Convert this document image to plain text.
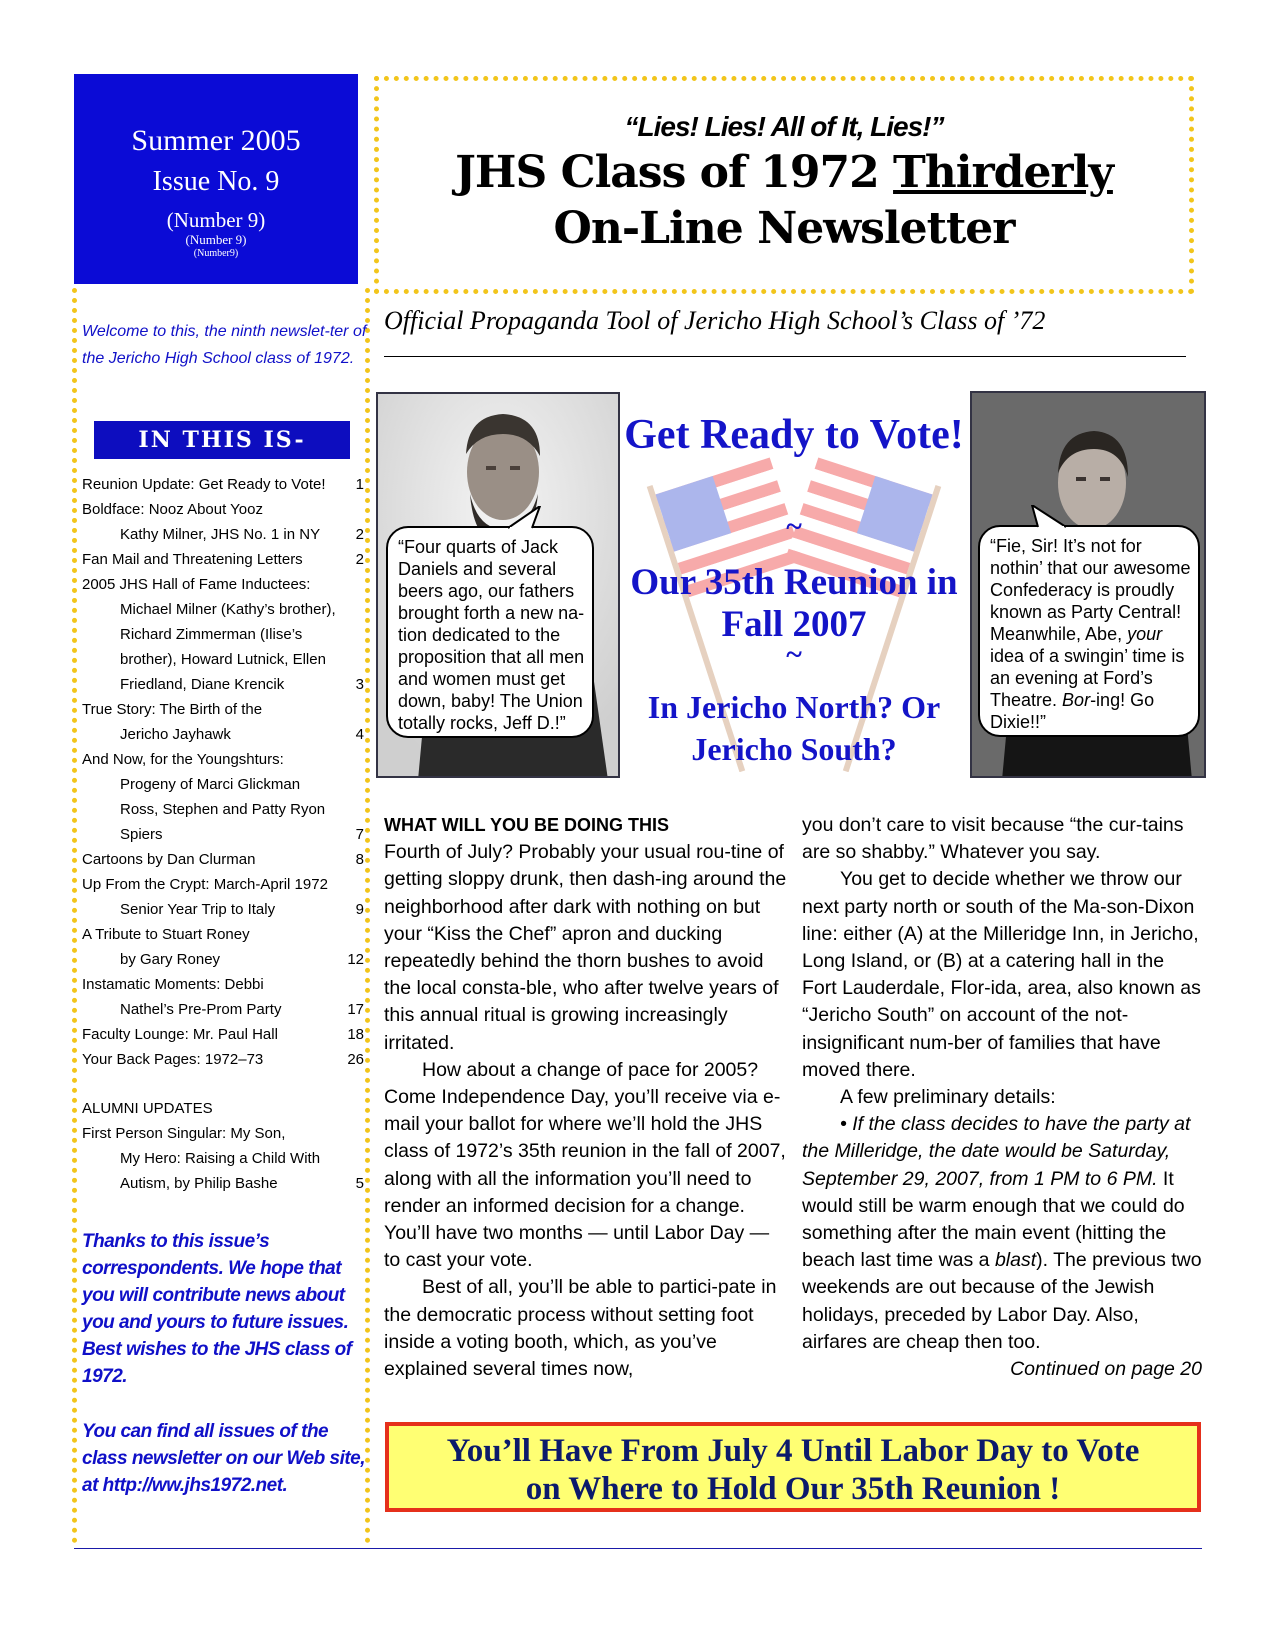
Summer 2005
Issue No. 9
(Number 9)
(Number 9)
(Number9)
“Lies! Lies! All of It, Lies!”
JHS Class of 1972 Thirderly
On-Line Newsletter
Official Propaganda Tool of Jericho High School’s Class of ’72
Welcome to this, the ninth newslet-ter of the Jericho High School class of 1972.
IN THIS IS-
Reunion Update: Get Ready to Vote! 1
Boldface: Nooz About Yooz
Kathy Milner, JHS No. 1 in NY 2
Fan Mail and Threatening Letters	2
2005 JHS Hall of Fame Inductees:
Michael Milner (Kathy’s brother),
Richard Zimmerman (Ilise’s
brother), Howard Lutnick, Ellen
Friedland, Diane Krencik	3
True Story: The Birth of the
Jericho Jayhawk	4
And Now, for the Youngshturs:
Progeny of Marci Glickman
Ross, Stephen and Patty Ryon
Spiers	7
Cartoons by Dan Clurman	8
Up From the Crypt: March-April 1972
Senior Year Trip to Italy	9
A Tribute to Stuart Roney
by Gary Roney	12
Instamatic Moments: Debbi
Nathel’s Pre-Prom Party	17
Faculty Lounge: Mr. Paul Hall	18
Your Back Pages: 1972–73	26
ALUMNI UPDATES
First Person Singular: My Son,
My Hero: Raising a Child With
Autism, by Philip Bashe	5
Thanks to this issue’s correspondents. We hope that you will contribute news about you and yours to future issues. Best wishes to the JHS class of 1972.
You can find all issues of the class newsletter on our Web site, at http://ww.jhs1972.net.
“Four quarts of Jack Daniels and several beers ago, our fathers brought forth a new na-tion dedicated to the proposition that all men and women must get down, baby! The Union totally rocks, Jeff D.!”
Get Ready to Vote!
~
Our 35th Reunion in Fall 2007
~
In Jericho North? Or Jericho South?
“Fie, Sir! It’s not for nothin’ that our awesome Confederacy is proudly known as Party Central! Meanwhile, Abe, your idea of a swingin’ time is an evening at Ford’s Theatre. Bor-ing! Go Dixie!!”

WHAT WILL YOU BE DOING THIS

Fourth of July? Probably your usual rou-tine of getting sloppy drunk, then dash-ing around the neighborhood after dark with nothing on but your “Kiss the Chef” apron and ducking repeatedly behind the thorn bushes to avoid the local consta-ble, who after twelve years of this annual ritual is growing increasingly irritated.

How about a change of pace for 2005? Come Independence Day, you’ll receive via e-mail your ballot for where we’ll hold the JHS class of 1972’s 35th reunion in the fall of 2007, along with all the information you’ll need to render an informed decision for a change. You’ll have two months — until Labor Day — to cast your vote.

Best of all, you’ll be able to partici-pate in the democratic process without setting foot inside a voting booth, which, as you’ve explained several times now,

you don’t care to visit because “the cur-tains are so shabby.” Whatever you say.

You get to decide whether we throw our next party north or south of the Ma-son-Dixon line: either (A) at the Milleridge Inn, in Jericho, Long Island, or (B) at a catering hall in the Fort Lauderdale, Flor-ida, area, also known as “Jericho South” on account of the not-insignificant num-ber of families that have moved there.

A few preliminary details:

• If the class decides to have the party at the Milleridge, the date would be Saturday, September 29, 2007, from 1 PM to 6 PM. It would still be warm enough that we could do something after the main event (hitting the beach last time was a blast). The previous two weekends are out because of the Jewish holidays, preceded by Labor Day. Also, airfares are cheap then too.

Continued on page 20

You’ll Have From July 4 Until Labor Day to Vote
on Where to Hold Our 35th Reunion !
